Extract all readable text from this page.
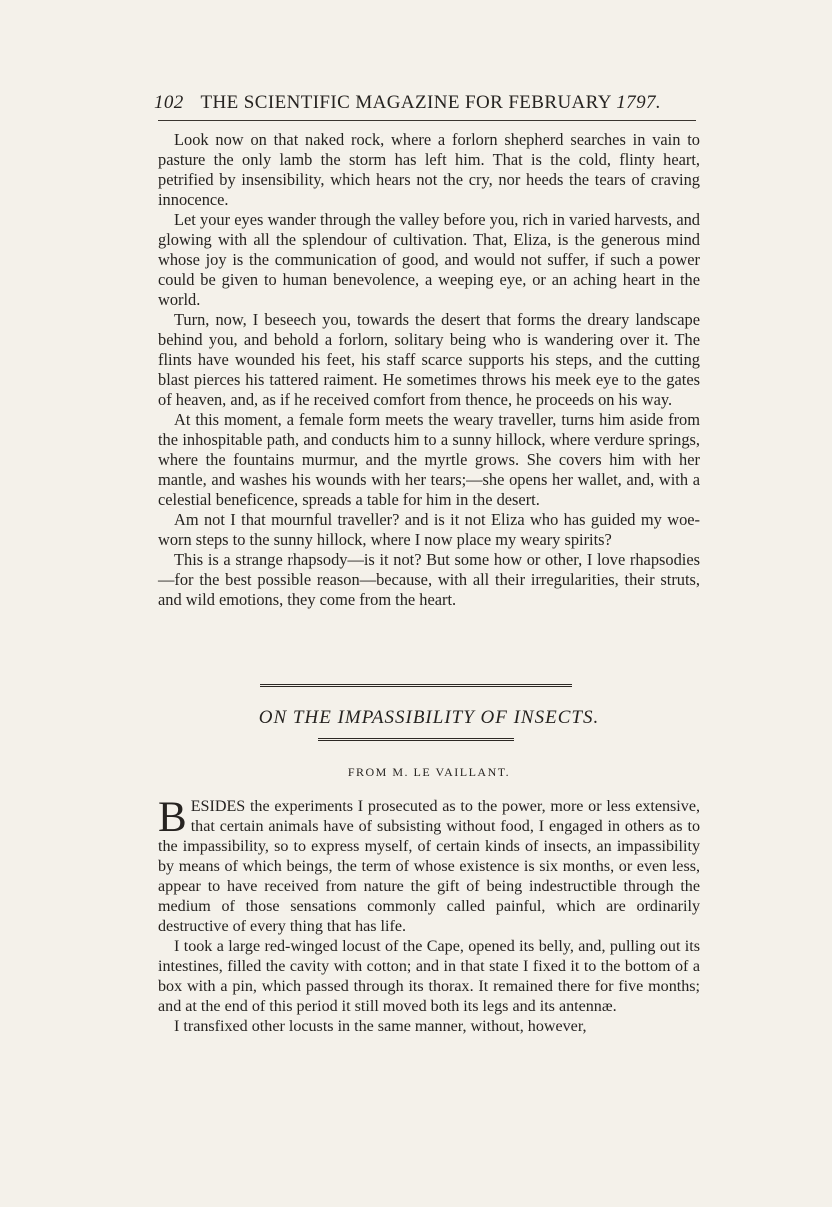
102 THE SCIENTIFIC MAGAZINE FOR FEBRUARY 1797.

Look now on that naked rock, where a forlorn shepherd searches in vain to pasture the only lamb the storm has left him. That is the cold, flinty heart, petrified by insensibility, which hears not the cry, nor heeds the tears of craving innocence.

Let your eyes wander through the valley before you, rich in varied harvests, and glowing with all the splendour of cultivation. That, Eliza, is the generous mind whose joy is the communication of good, and would not suffer, if such a power could be given to human benevolence, a weeping eye, or an aching heart in the world.

Turn, now, I beseech you, towards the desert that forms the dreary landscape behind you, and behold a forlorn, solitary being who is wandering over it. The flints have wounded his feet, his staff scarce supports his steps, and the cutting blast pierces his tattered raiment. He sometimes throws his meek eye to the gates of heaven, and, as if he received comfort from thence, he proceeds on his way.

At this moment, a female form meets the weary traveller, turns him aside from the inhospitable path, and conducts him to a sunny hillock, where verdure springs, where the fountains murmur, and the myrtle grows. She covers him with her mantle, and washes his wounds with her tears;—she opens her wallet, and, with a celestial beneficence, spreads a table for him in the desert.

Am not I that mournful traveller? and is it not Eliza who has guided my woe-worn steps to the sunny hillock, where I now place my weary spirits?

This is a strange rhapsody—is it not? But some how or other, I love rhapsodies—for the best possible reason—because, with all their irregularities, their struts, and wild emotions, they come from the heart.

ON THE IMPASSIBILITY OF INSECTS.
FROM M. LE VAILLANT.

BESIDES the experiments I prosecuted as to the power, more or less extensive, that certain animals have of subsisting without food, I engaged in others as to the impassibility, so to express myself, of certain kinds of insects, an impassibility by means of which beings, the term of whose existence is six months, or even less, appear to have received from nature the gift of being indestructible through the medium of those sensations commonly called painful, which are ordinarily destructive of every thing that has life.

I took a large red-winged locust of the Cape, opened its belly, and, pulling out its intestines, filled the cavity with cotton; and in that state I fixed it to the bottom of a box with a pin, which passed through its thorax. It remained there for five months; and at the end of this period it still moved both its legs and its antennæ.

I transfixed other locusts in the same manner, without, however,
